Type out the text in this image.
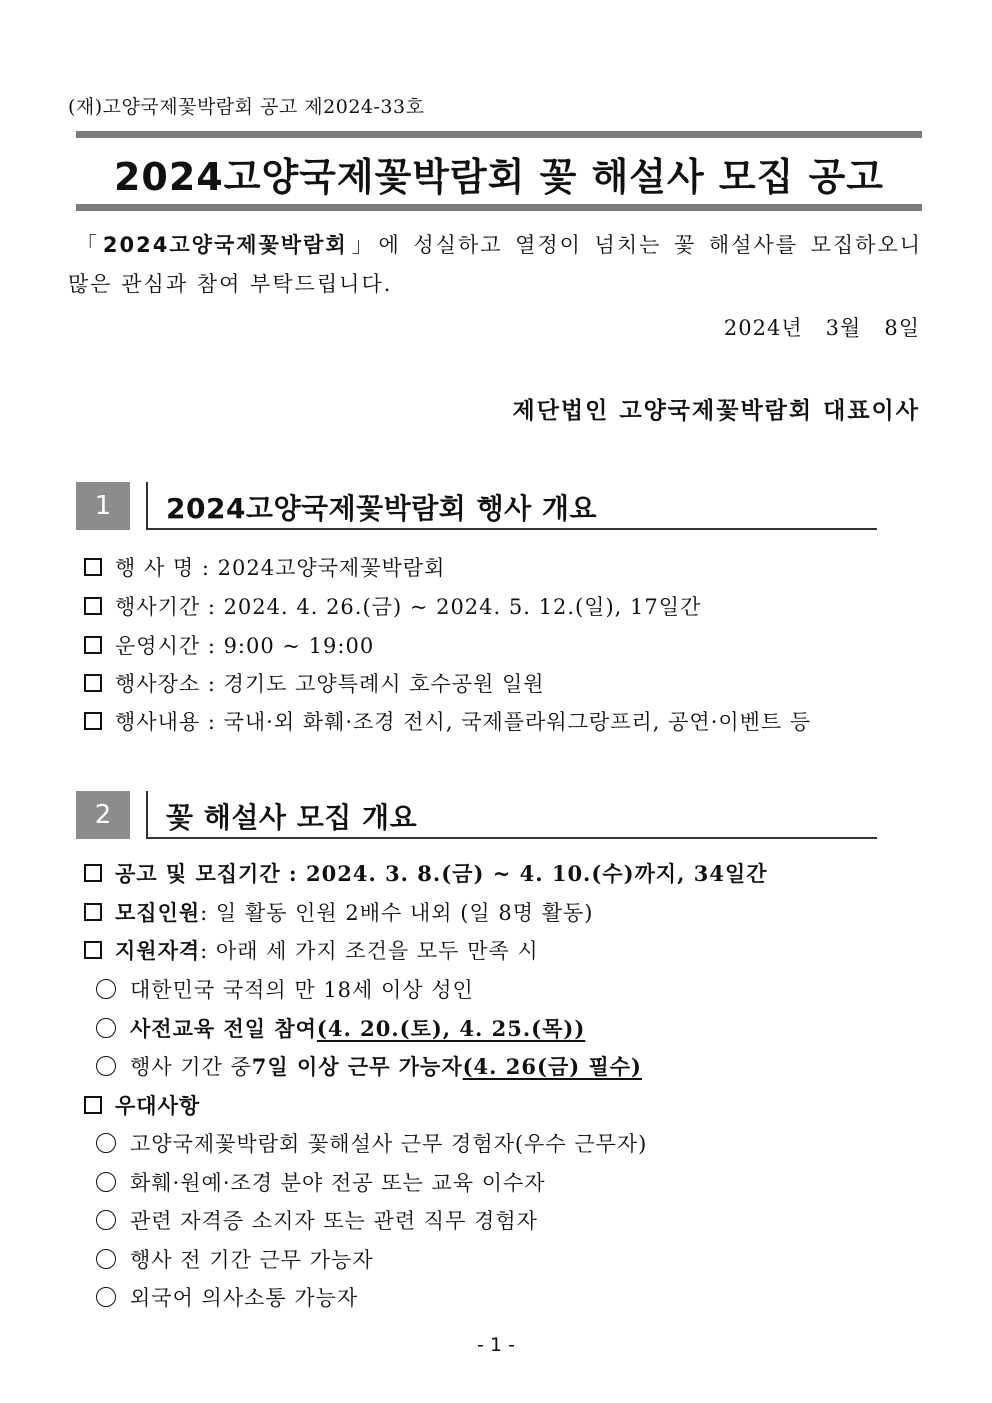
(재)고양국제꽃박람회 공고 제2024-33호
2024고양국제꽃박람회 꽃 해설사 모집 공고
「2024고양국제꽃박람회」에 성실하고 열정이 넘치는 꽃 해설사를 모집하오니
많은 관심과 참여 부탁드립니다.
2024년   3월   8일
제단법인 고양국제꽃박람회 대표이사
1	2024고양국제꽃박람회 행사 개요
행 사 명 : 2024고양국제꽃박람회
행사기간 : 2024. 4. 26.(금) ~ 2024. 5. 12.(일), 17일간
운영시간 : 9:00 ~ 19:00
행사장소 : 경기도 고양특례시 호수공원 일원
행사내용 : 국내·외 화훼·조경 전시, 국제플라워그랑프리, 공연·이벤트 등
2	꽃 해설사 모집 개요
공고 및 모집기간 : 2024. 3. 8.(금) ~ 4. 10.(수)까지, 34일간
모집인원 : 일 활동 인원 2배수 내외 (일 8명 활동)
지원자격 : 아래 세 가지 조건을 모두 만족 시
대한민국 국적의 만 18세 이상 성인
사전교육 전일 참여 (4. 20.(토), 4. 25.(목))
행사 기간 중 7일 이상 근무 가능자 (4. 26(금) 필수)
우대사항
고양국제꽃박람회 꽃해설사 근무 경험자(우수 근무자)
화훼·원예·조경 분야 전공 또는 교육 이수자
관련 자격증 소지자 또는 관련 직무 경험자
행사 전 기간 근무 가능자
외국어 의사소통 가능자
- 1 -
